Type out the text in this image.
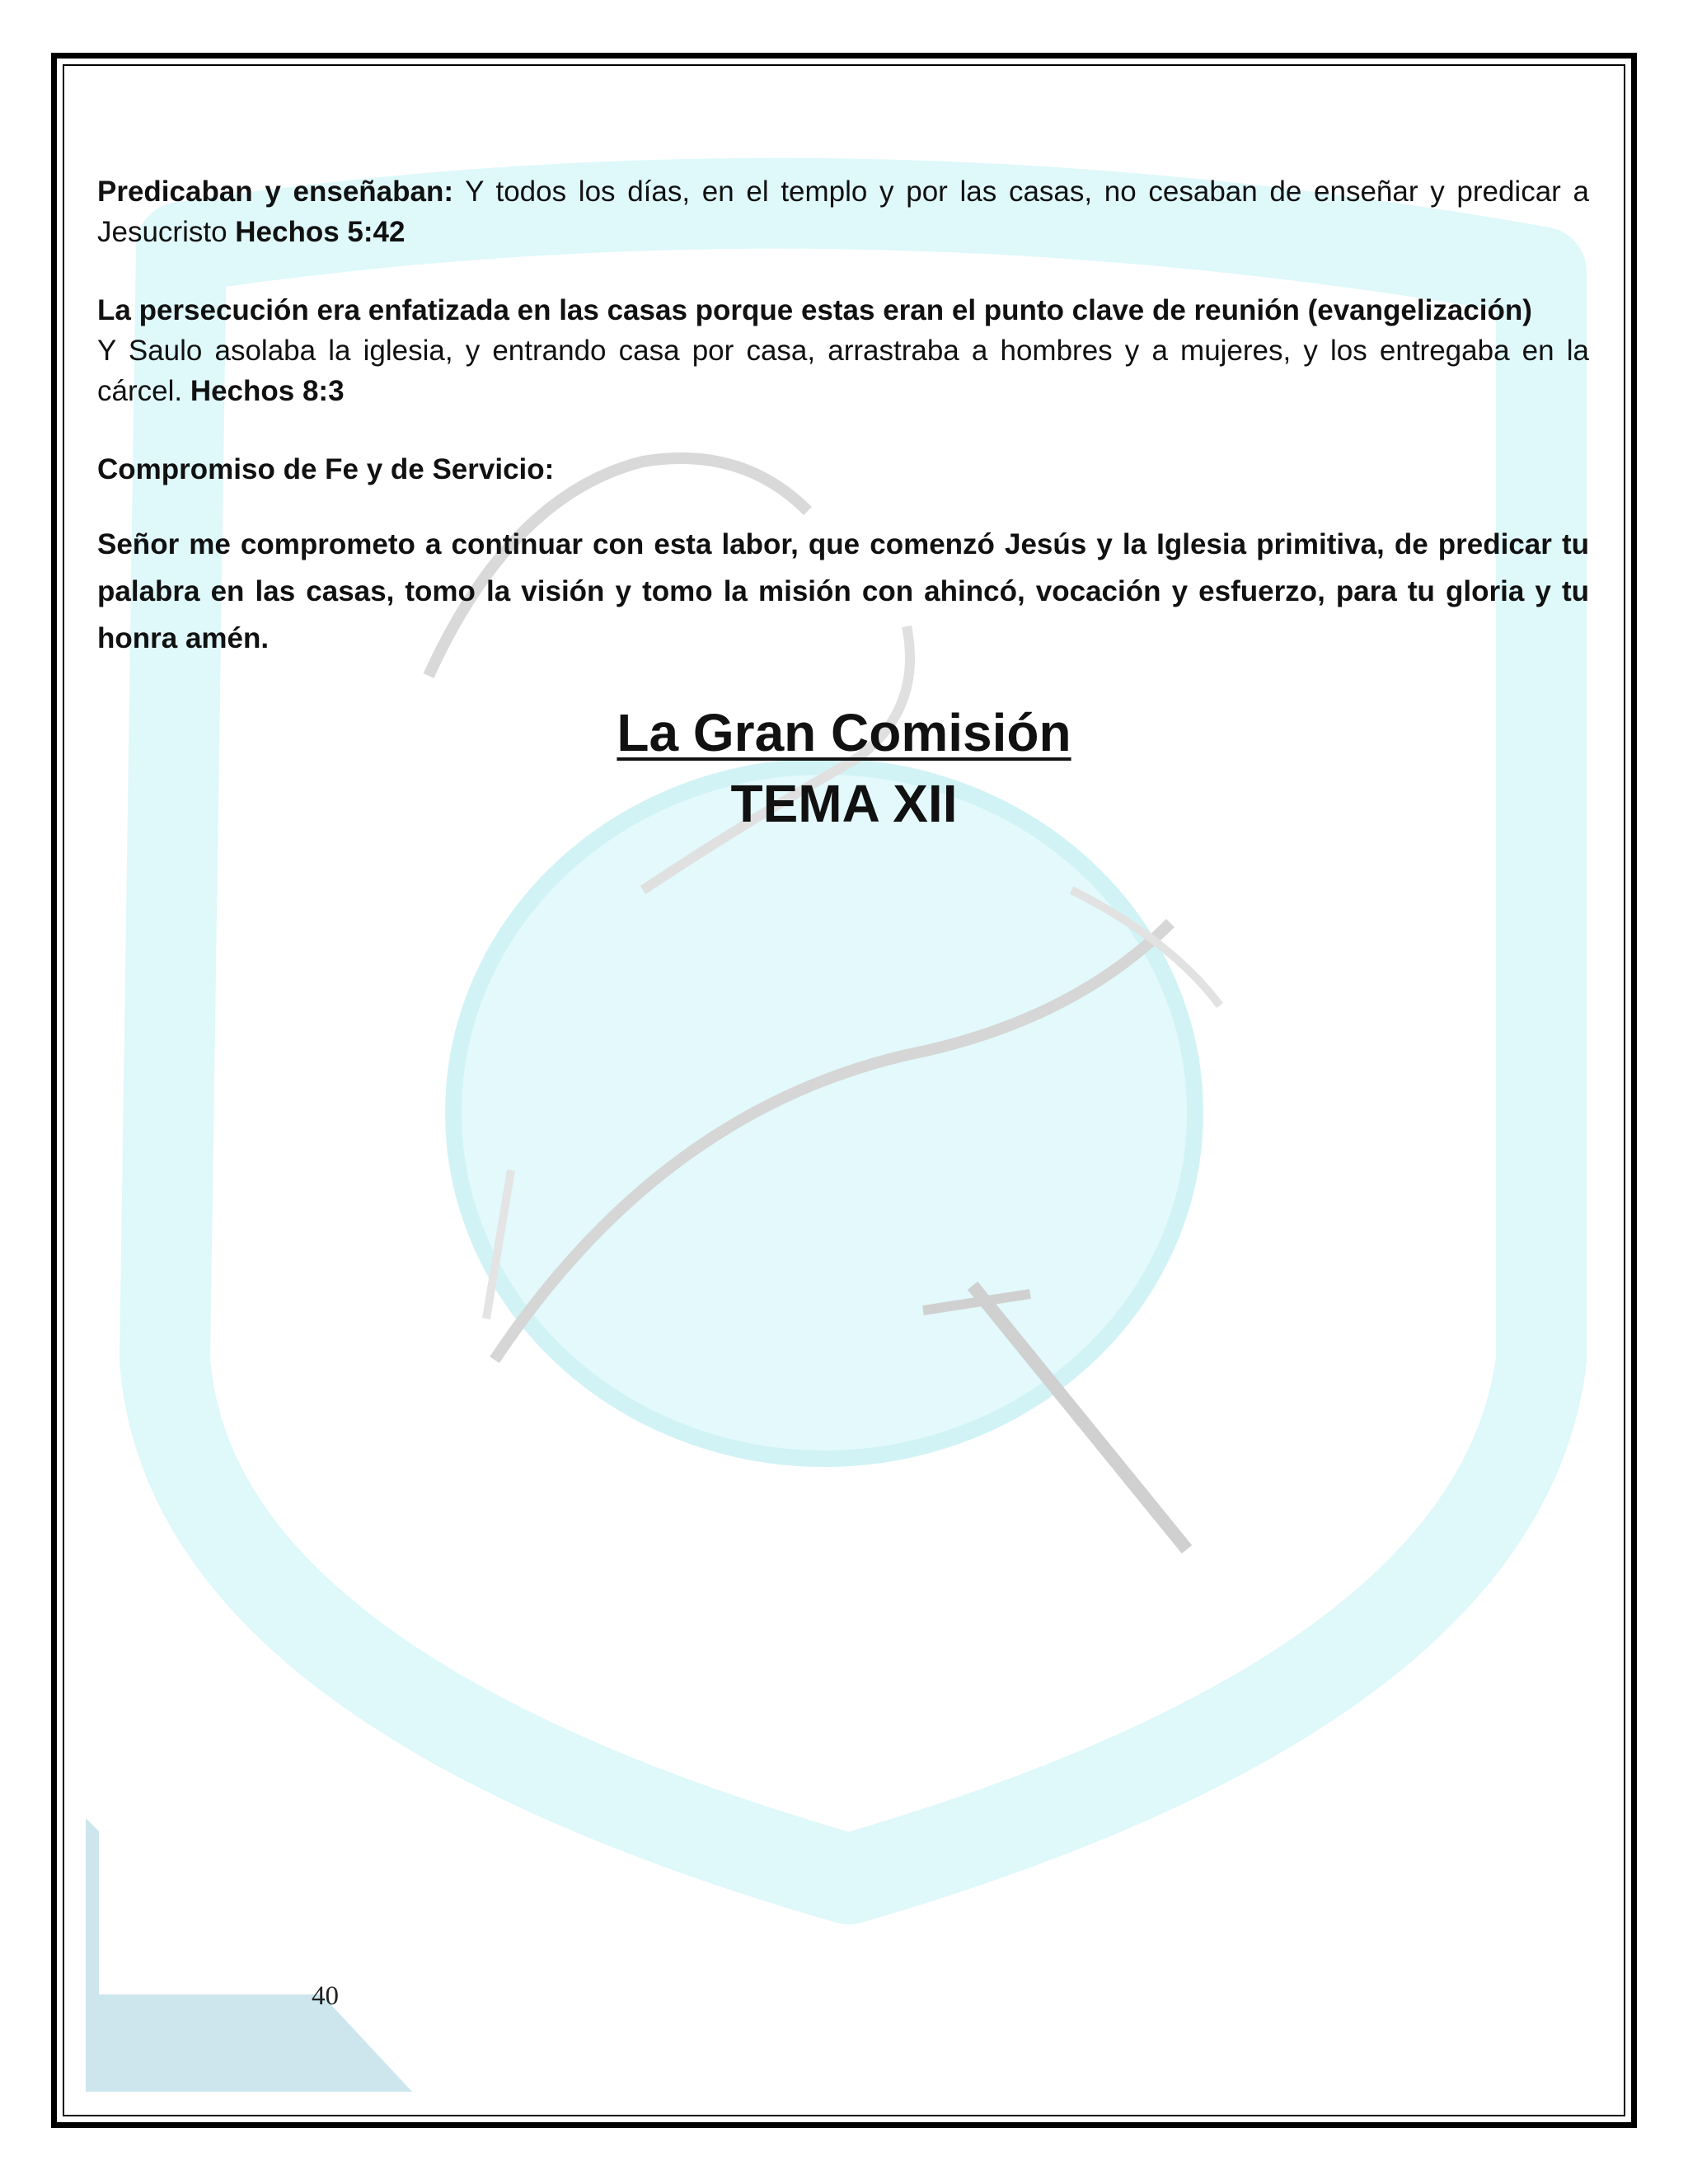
Predicaban y enseñaban: Y todos los días, en el templo y por las casas, no cesaban de enseñar y predicar a Jesucristo Hechos 5:42

La persecución era enfatizada en las casas porque estas eran el punto clave de reunión (evangelización)
Y Saulo asolaba la iglesia, y entrando casa por casa, arrastraba a hombres y a mujeres, y los entregaba en la cárcel. Hechos 8:3

Compromiso de Fe y de Servicio:

Señor me comprometo a continuar con esta labor, que comenzó Jesús y la Iglesia primitiva, de predicar tu palabra en las casas, tomo la visión y tomo la misión con ahincó, vocación y esfuerzo, para tu gloria y tu honra amén.

La Gran Comisión
TEMA XII
40
